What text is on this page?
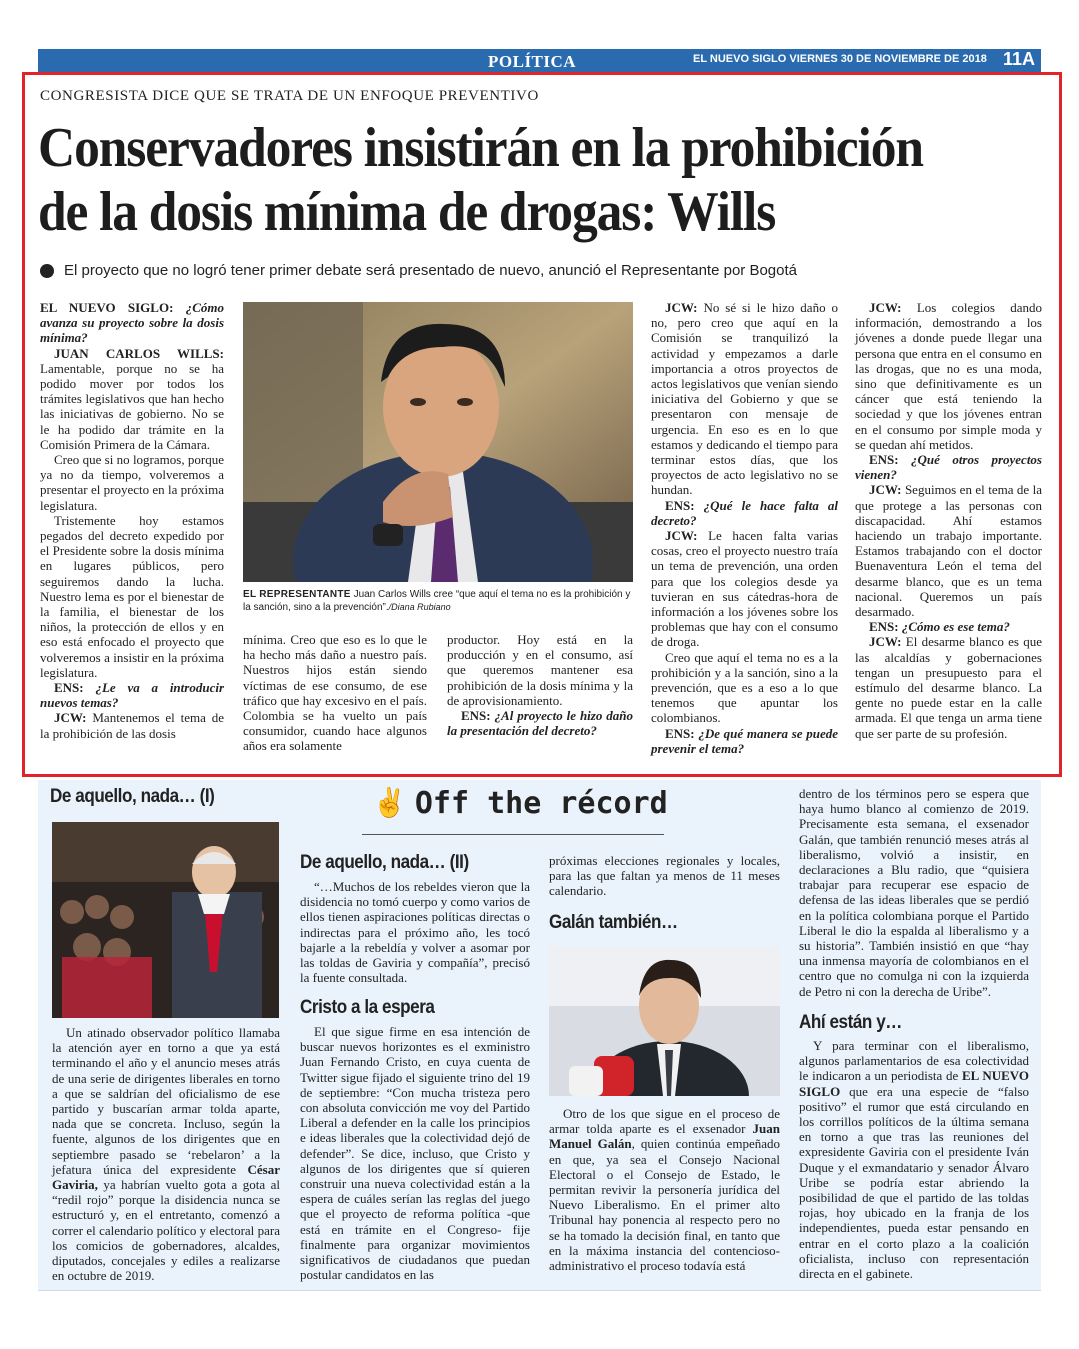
POLÍTICA	EL NUEVO SIGLO VIERNES 30 DE NOVIEMBRE DE 2018 11A
CONGRESISTA DICE QUE SE TRATA DE UN ENFOQUE PREVENTIVO
Conservadores insistirán en la prohibición
de la dosis mínima de drogas: Wills
El proyecto que no logró tener primer debate será presentado de nuevo, anunció el Representante por Bogotá

EL NUEVO SIGLO: ¿Cómo avanza su proyecto sobre la dosis mínima?

JUAN CARLOS WILLS: Lamentable, porque no se ha podido mover por todos los trámites legislativos que han hecho las iniciativas de gobierno. No se le ha podido dar trámite en la Comisión Primera de la Cámara.

Creo que si no logramos, porque ya no da tiempo, volveremos a presentar el proyecto en la próxima legislatura.

Tristemente hoy estamos pegados del decreto expedido por el Presidente sobre la dosis mínima en lugares públicos, pero seguiremos dando la lucha. Nuestro lema es por el bienestar de la familia, el bienestar de los niños, la protección de ellos y en eso está enfocado el proyecto que volveremos a insistir en la próxima legislatura.

ENS: ¿Le va a introducir nuevos temas?

JCW: Mantenemos el tema de la prohibición de las dosis

EL REPRESENTANTE Juan Carlos Wills cree “que aquí el tema no es la prohibición y la sanción, sino a la prevención”./Diana Rubiano

mínima. Creo que eso es lo que le ha hecho más daño a nuestro país. Nuestros hijos están siendo víctimas de ese consumo, de ese tráfico que hay excesivo en el país. Colombia se ha vuelto un país consumidor, cuando hace algunos años era solamente

productor. Hoy está en la producción y en el consumo, así que queremos mantener esa prohibición de la dosis mínima y la de aprovisionamiento.

ENS: ¿Al proyecto le hizo daño la presentación del decreto?

JCW: No sé si le hizo daño o no, pero creo que aquí en la Comisión se tranquilizó la actividad y empezamos a darle importancia a otros proyectos de actos legislativos que venían siendo iniciativa del Gobierno y que se presentaron con mensaje de urgencia. En eso es en lo que estamos y dedicando el tiempo para terminar estos días, que los proyectos de acto legislativo no se hundan.

ENS: ¿Qué le hace falta al decreto?

JCW: Le hacen falta varias cosas, creo el proyecto nuestro traía un tema de prevención, una orden para que los colegios desde ya tuvieran en sus cátedras-hora de información a los jóvenes sobre los problemas que hay con el consumo de droga.

Creo que aquí el tema no es a la prohibición y a la sanción, sino a la prevención, que es a eso a lo que tenemos que apuntar los colombianos.

ENS: ¿De qué manera se puede prevenir el tema?

JCW: Los colegios dando información, demostrando a los jóvenes a donde puede llegar una persona que entra en el consumo en las drogas, que no es una moda, sino que definitivamente es un cáncer que está teniendo la sociedad y que los jóvenes entran en el consumo por simple moda y se quedan ahí metidos.

ENS: ¿Qué otros proyectos vienen?

JCW: Seguimos en el tema de la que protege a las personas con discapacidad. Ahí estamos haciendo un trabajo importante. Estamos trabajando con el doctor Buenaventura León el tema del desarme blanco, que es un tema nacional. Queremos un país desarmado.

ENS: ¿Cómo es ese tema?

JCW: El desarme blanco es que las alcaldías y gobernaciones tengan un presupuesto para el estímulo del desarme blanco. La gente no puede estar en la calle armada. El que tenga un arma tiene que ser parte de su profesión.

De aquello, nada… (I)

Un atinado observador político llamaba la atención ayer en torno a que ya está terminando el año y el anuncio meses atrás de una serie de dirigentes liberales en torno a que se saldrían del oficialismo de ese partido y buscarían armar tolda aparte, nada que se concreta. Incluso, según la fuente, algunos de los dirigentes que en septiembre pasado se ‘rebelaron’ a la jefatura única del expresidente César Gaviria, ya habrían vuelto gota a gota al “redil rojo” porque la disidencia nunca se estructuró y, en el entretanto, comenzó a correr el calendario político y electoral para los comicios de gobernadores, alcaldes, diputados, concejales y ediles a realizarse en octubre de 2019.

✌ Off the récord
De aquello, nada… (II)

“…Muchos de los rebeldes vieron que la disidencia no tomó cuerpo y como varios de ellos tienen aspiraciones políticas directas o indirectas para el próximo año, les tocó bajarle a la rebeldía y volver a asomar por las toldas de Gaviria y compañía”, precisó la fuente consultada.

Cristo a la espera

El que sigue firme en esa intención de buscar nuevos horizontes es el exministro Juan Fernando Cristo, en cuya cuenta de Twitter sigue fijado el siguiente trino del 19 de septiembre: “Con mucha tristeza pero con absoluta convicción me voy del Partido Liberal a defender en la calle los principios e ideas liberales que la colectividad dejó de defender”. Se dice, incluso, que Cristo y algunos de los dirigentes que sí quieren construir una nueva colectividad están a la espera de cuáles serían las reglas del juego que el proyecto de reforma política -que está en trámite en el Congreso- fije finalmente para organizar movimientos significativos de ciudadanos que puedan postular candidatos en las

próximas elecciones regionales y locales, para las que faltan ya menos de 11 meses calendario.

Galán también…

Otro de los que sigue en el proceso de armar tolda aparte es el exsenador Juan Manuel Galán, quien continúa empeñado en que, ya sea el Consejo Nacional Electoral o el Consejo de Estado, le permitan revivir la personería jurídica del Nuevo Liberalismo. En el primer alto Tribunal hay ponencia al respecto pero no se ha tomado la decisión final, en tanto que en la máxima instancia del contencioso-administrativo el proceso todavía está

dentro de los términos pero se espera que haya humo blanco al comienzo de 2019. Precisamente esta semana, el exsenador Galán, que también renunció meses atrás al liberalismo, volvió a insistir, en declaraciones a Blu radio, que “quisiera trabajar para recuperar ese espacio de defensa de las ideas liberales que se perdió en la política colombiana porque el Partido Liberal le dio la espalda al liberalismo y a su historia”. También insistió en que “hay una inmensa mayoría de colombianos en el centro que no comulga ni con la izquierda de Petro ni con la derecha de Uribe”.

Ahí están y…

Y para terminar con el liberalismo, algunos parlamentarios de esa colectividad le indicaron a un periodista de EL NUEVO SIGLO que era una especie de “falso positivo” el rumor que está circulando en los corrillos políticos de la última semana en torno a que tras las reuniones del expresidente Gaviria con el presidente Iván Duque y el exmandatario y senador Álvaro Uribe se podría estar abriendo la posibilidad de que el partido de las toldas rojas, hoy ubicado en la franja de los independientes, pueda estar pensando en entrar en el corto plazo a la coalición oficialista, incluso con representación directa en el gabinete.
